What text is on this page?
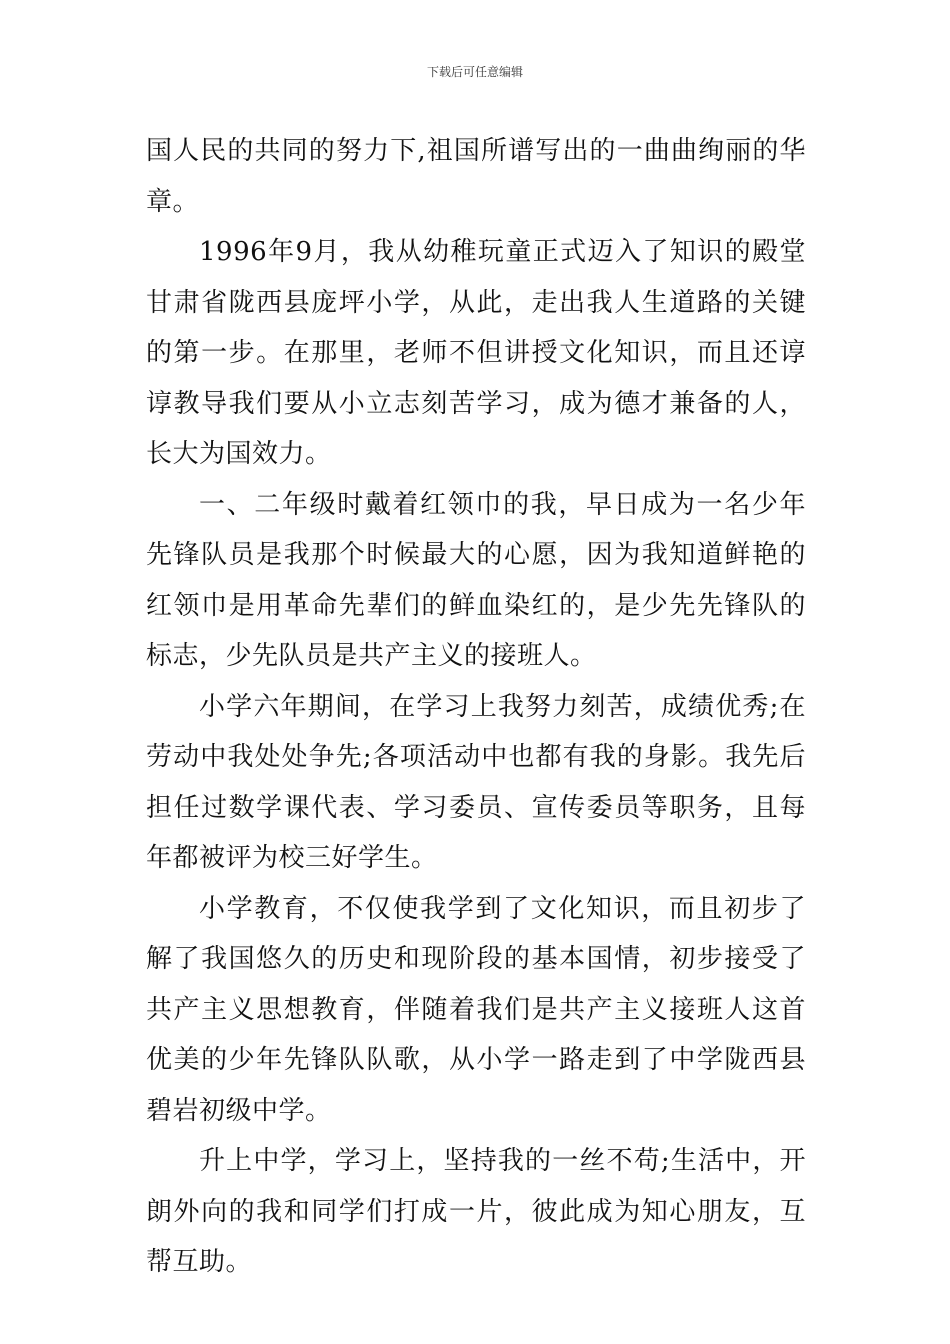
下载后可任意编辑

国人民的共同的努力下,祖国所谱写出的一曲曲绚丽的华章。

1996年9月，我从幼稚玩童正式迈入了知识的殿堂甘肃省陇西县庞坪小学，从此，走出我人生道路的关键的第一步。在那里，老师不但讲授文化知识，而且还谆谆教导我们要从小立志刻苦学习，成为德才兼备的人，长大为国效力。

一、二年级时戴着红领巾的我，早日成为一名少年先锋队员是我那个时候最大的心愿，因为我知道鲜艳的红领巾是用革命先辈们的鲜血染红的，是少先先锋队的标志，少先队员是共产主义的接班人。

小学六年期间，在学习上我努力刻苦，成绩优秀;在劳动中我处处争先;各项活动中也都有我的身影。我先后担任过数学课代表、学习委员、宣传委员等职务，且每年都被评为校三好学生。

小学教育，不仅使我学到了文化知识，而且初步了解了我国悠久的历史和现阶段的基本国情，初步接受了共产主义思想教育，伴随着我们是共产主义接班人这首优美的少年先锋队队歌，从小学一路走到了中学陇西县碧岩初级中学。

升上中学，学习上，坚持我的一丝不苟;生活中，开朗外向的我和同学们打成一片，彼此成为知心朋友，互帮互助。
